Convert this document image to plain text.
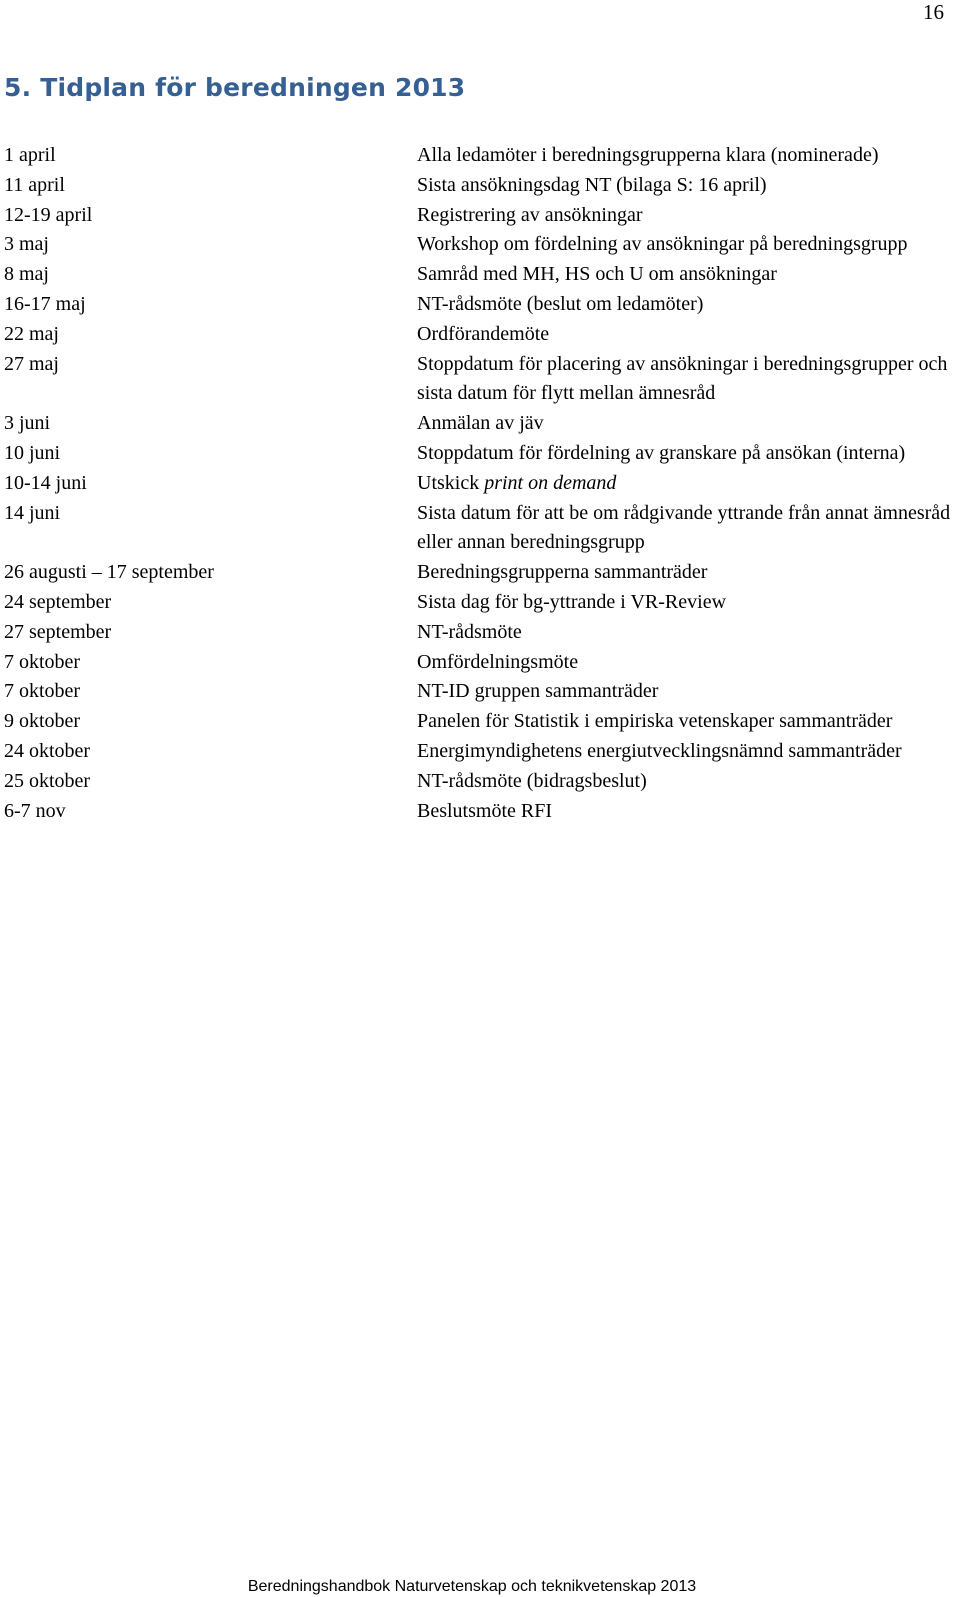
16
5. Tidplan för beredningen 2013
1 april	Alla ledamöter i beredningsgrupperna klara (nominerade)
11 april	Sista ansökningsdag NT (bilaga S: 16 april)
12-19 april	Registrering av ansökningar
3 maj	Workshop om fördelning av ansökningar på beredningsgrupp
8 maj	Samråd med MH, HS och U om ansökningar
16-17 maj	NT-rådsmöte (beslut om ledamöter)
22 maj	Ordförandemöte
27 maj	Stoppdatum för placering av ansökningar i beredningsgrupper och sista datum för flytt mellan ämnesråd
3 juni	Anmälan av jäv
10 juni	Stoppdatum för fördelning av granskare på ansökan (interna)
10-14 juni	Utskick print on demand
14 juni	Sista datum för att be om rådgivande yttrande från annat ämnesråd eller annan beredningsgrupp
26 augusti – 17 september	Beredningsgrupperna sammanträder
24 september	Sista dag för bg-yttrande i VR-Review
27 september	NT-rådsmöte
7 oktober	Omfördelningsmöte
7 oktober	NT-ID gruppen sammanträder
9 oktober	Panelen för Statistik i empiriska vetenskaper sammanträder
24 oktober	Energimyndighetens energiutvecklingsnämnd sammanträder
25 oktober	NT-rådsmöte (bidragsbeslut)
6-7 nov	Beslutsmöte RFI
Beredningshandbok Naturvetenskap och teknikvetenskap 2013
